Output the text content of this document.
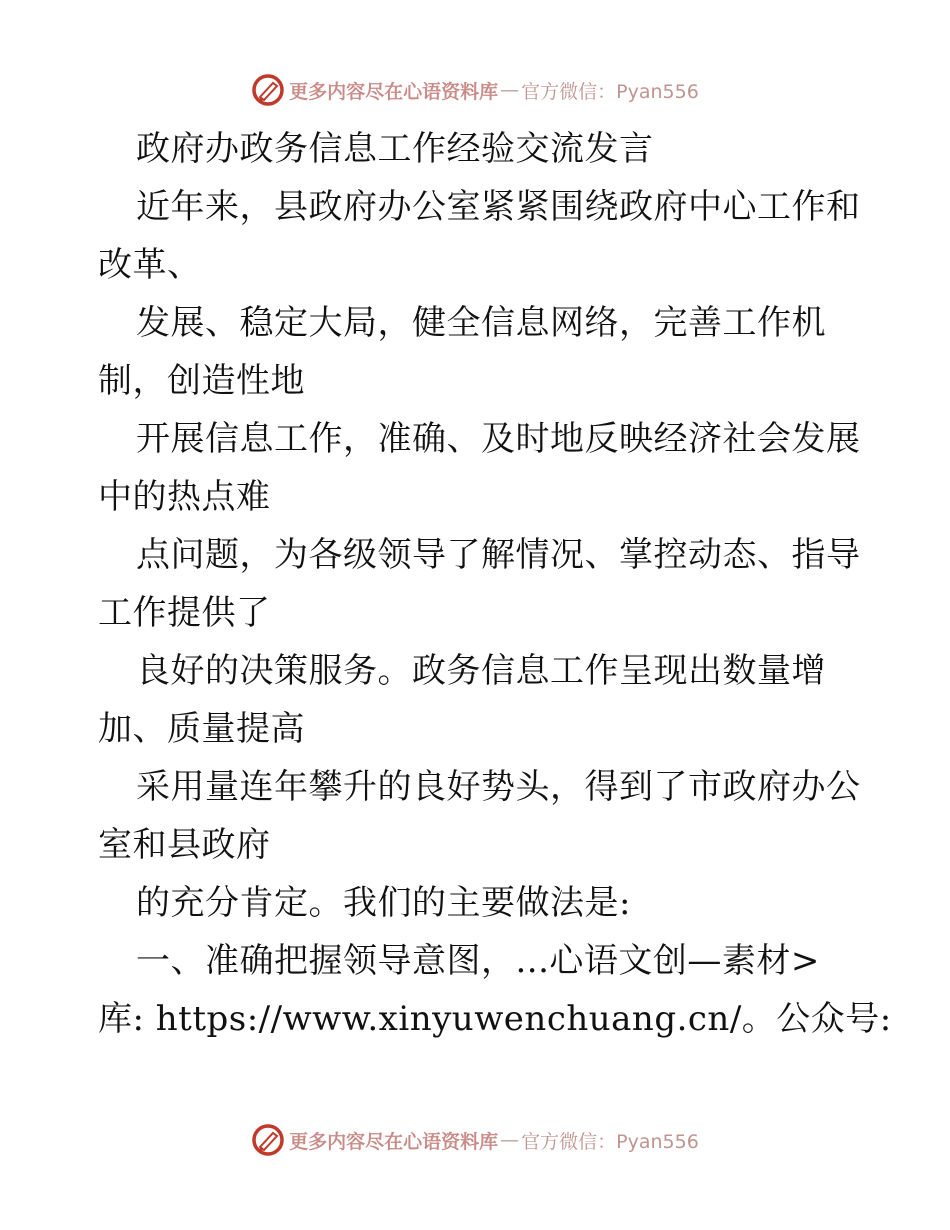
更多内容尽在心语资料库 — 官方微信：Pyan556
政府办政务信息工作经验交流发言
近年来，县政府办公室紧紧围绕政府中心工作和
改革、
发展、稳定大局，健全信息网络，完善工作机
制，创造性地
开展信息工作，准确、及时地反映经济社会发展
中的热点难
点问题，为各级领导了解情况、掌控动态、指导
工作提供了
良好的决策服务。政务信息工作呈现出数量增
加、质量提高
采用量连年攀升的良好势头，得到了市政府办公
室和县政府
的充分肯定。我们的主要做法是:
一、准确把握领导意图，...心语文创—素材>
库: https://www.xinyuwenchuang.cn/。公众号:
更多内容尽在心语资料库 — 官方微信：Pyan556
